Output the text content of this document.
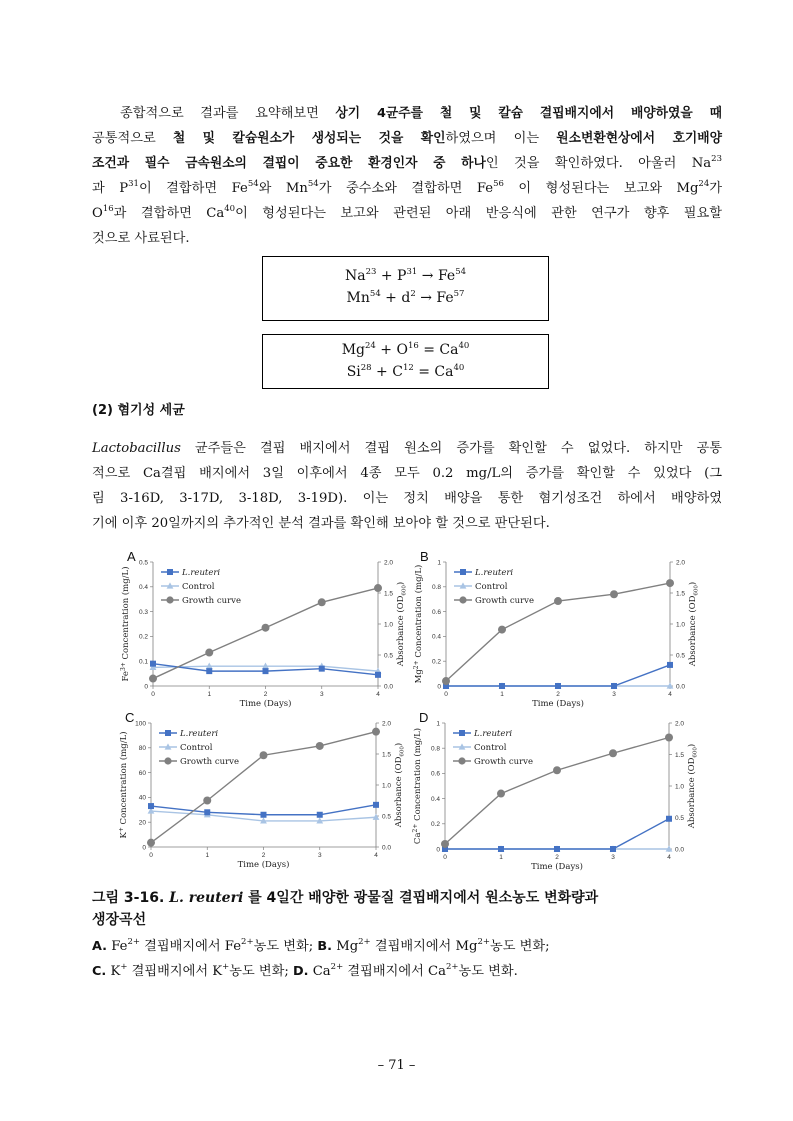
종합적으로 결과를 요약해보면 상기 4균주를 철 및 칼슘 결핍배지에서 배양하였을 때
공통적으로 철 및 칼슘원소가 생성되는 것을 확인하였으며 이는 원소변환현상에서 호기배양
조건과 필수 금속원소의 결핍이 중요한 환경인자 중 하나인 것을 확인하였다. 아울러 Na$^{23}$
과 $P^{31}$이 결합하면 Fe$^{54}$와 Mn$^{54}$가 중수소와 결합하면 Fe$^{56}$ 이 형성된다는 보고와 Mg$^{24}$가
$O^{16}$과 결합하면 Ca$^{40}$이 형성된다는 보고와 관련된 아래 반응식에 관한 연구가 향후 필요할
것으로 사료된다.
$Na^{23} + P^{31} \to Fe^{54}$
$Mn^{54} + d^2 \to Fe^{57}$
$Mg^{24} + O^{16} = Ca^{40}$
$Si^{28} + C^{12} = Ca^{40}$

(2) 혐기성 세균

Lactobacillus 균주들은 결핍 배지에서 결핍 원소의 증가를 확인할 수 없었다. 하지만 공통
적으로 Ca결핍 배지에서 3일 이후에서 4종 모두 0.2 mg/L의 증가를 확인할 수 있었다 (그
림 3-16D, 3-17D, 3-18D, 3-19D). 이는 정치 배양을 통한 혐기성조건 하에서 배양하였
기에 이후 20일까지의 추가적인 분석 결과를 확인해 보아야 할 것으로 판단된다.
A
0
0.1
0.2
0.3
0.4
0.5
0.0
0.5
1.0
1.5
2.0
0	1	2	3	4
Time (Days)
$Fe^{3+}$ Concentration (mg/L)	Absorbance $(OD_{600})$
L.reuteri
Control
Growth curve
B
0
0.2
0.4
0.6
0.8
1
0.0
0.5
1.0
1.5
2.0
0	1	2	3	4
Time (Days)
$Mg^{2+}$ Concentration (mg/L)	Absorbance $(OD_{600})$
L.reuteri
Control
Growth curve
C
0
20
40
60
80
100
0.0
0.5
1.0
1.5
2.0
0	1	2	3	4
Time (Days)
K+ Concentration (mg/L)	Absorbance $(OD_{600})$
L.reuteri
Control
Growth curve
D
0
0.2
0.4
0.6
0.8
1
0.0
0.5
1.0
1.5
2.0
0	1	2	3	4
Time (Days)
$Ca^{2+}$ Concentration (mg/L)	Absorbance $(OD_{600})$
L.reuteri
Control
Growth curve

그림 3-16. L. reuteri 를 4일간 배양한 광물질 결핍배지에서 원소농도 변화량과
생장곡선

A. $Fe^{2+}$ 결핍배지에서 $Fe^{2+}$농도 변화; B. $Mg^{2+}$ 결핍배지에서 $Mg^{2+}$농도 변화;

C. K+ 결핍배지에서 K+농도 변화; D. $Ca^{2+}$ 결핍배지에서 $Ca^{2+}$농도 변화.

– 71 –
